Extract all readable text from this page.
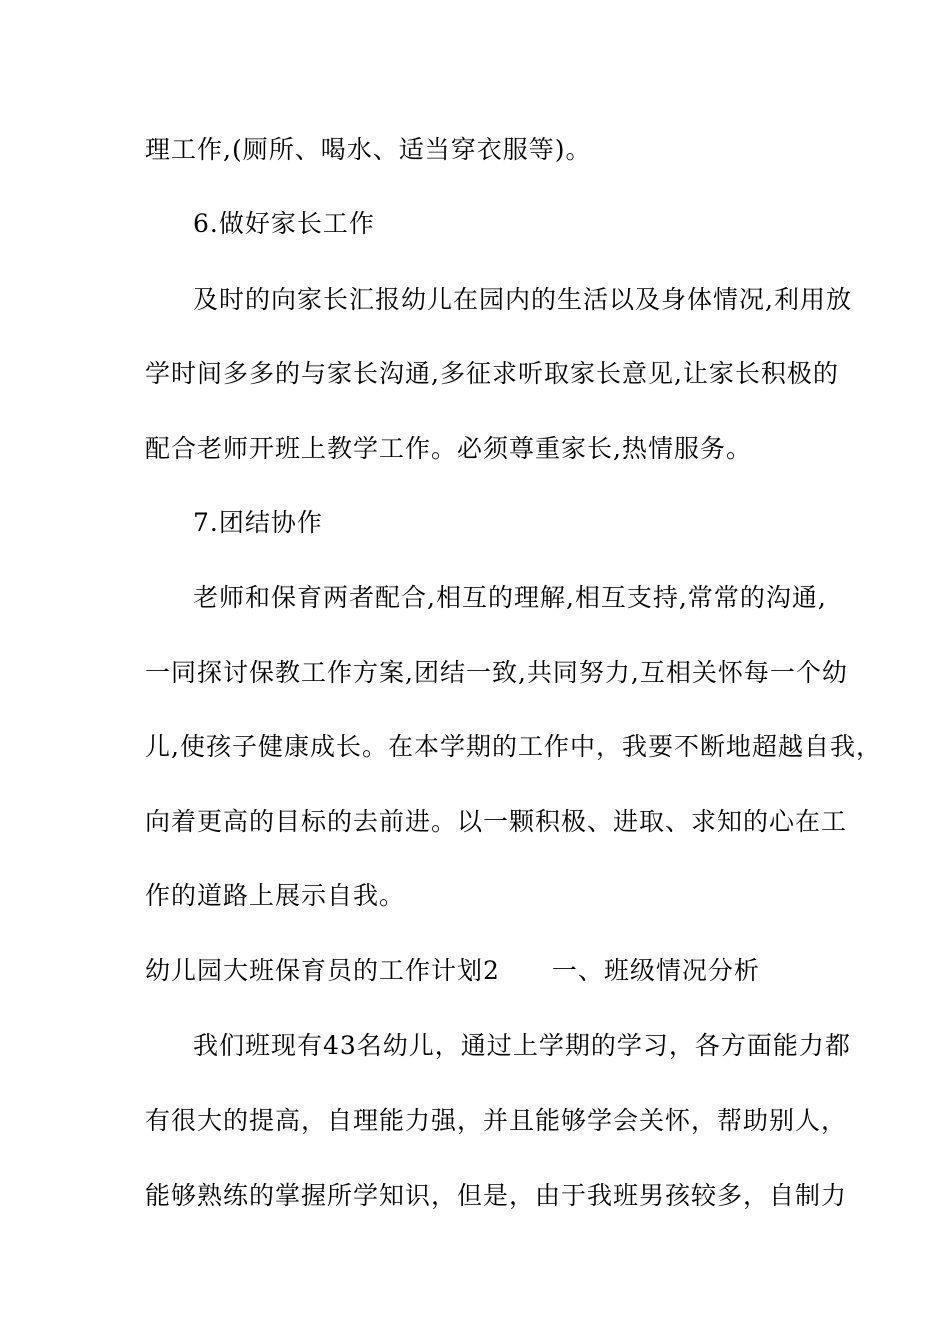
理工作,(厕所、喝水、适当穿衣服等)。

6.做好家长工作

及时的向家长汇报幼儿在园内的生活以及身体情况,利用放

学时间多多的与家长沟通,多征求听取家长意见,让家长积极的

配合老师开班上教学工作。必须尊重家长,热情服务。

7.团结协作

老师和保育两者配合,相互的理解,相互支持,常常的沟通,

一同探讨保教工作方案,团结一致,共同努力,互相关怀每一个幼

儿,使孩子健康成长。在本学期的工作中，我要不断地超越自我，

向着更高的目标的去前进。以一颗积极、进取、求知的心在工

作的道路上展示自我。

幼儿园大班保育员的工作计划2　　一、班级情况分析

我们班现有43名幼儿，通过上学期的学习，各方面能力都

有很大的提高，自理能力强，并且能够学会关怀，帮助别人，

能够熟练的掌握所学知识，但是，由于我班男孩较多，自制力
